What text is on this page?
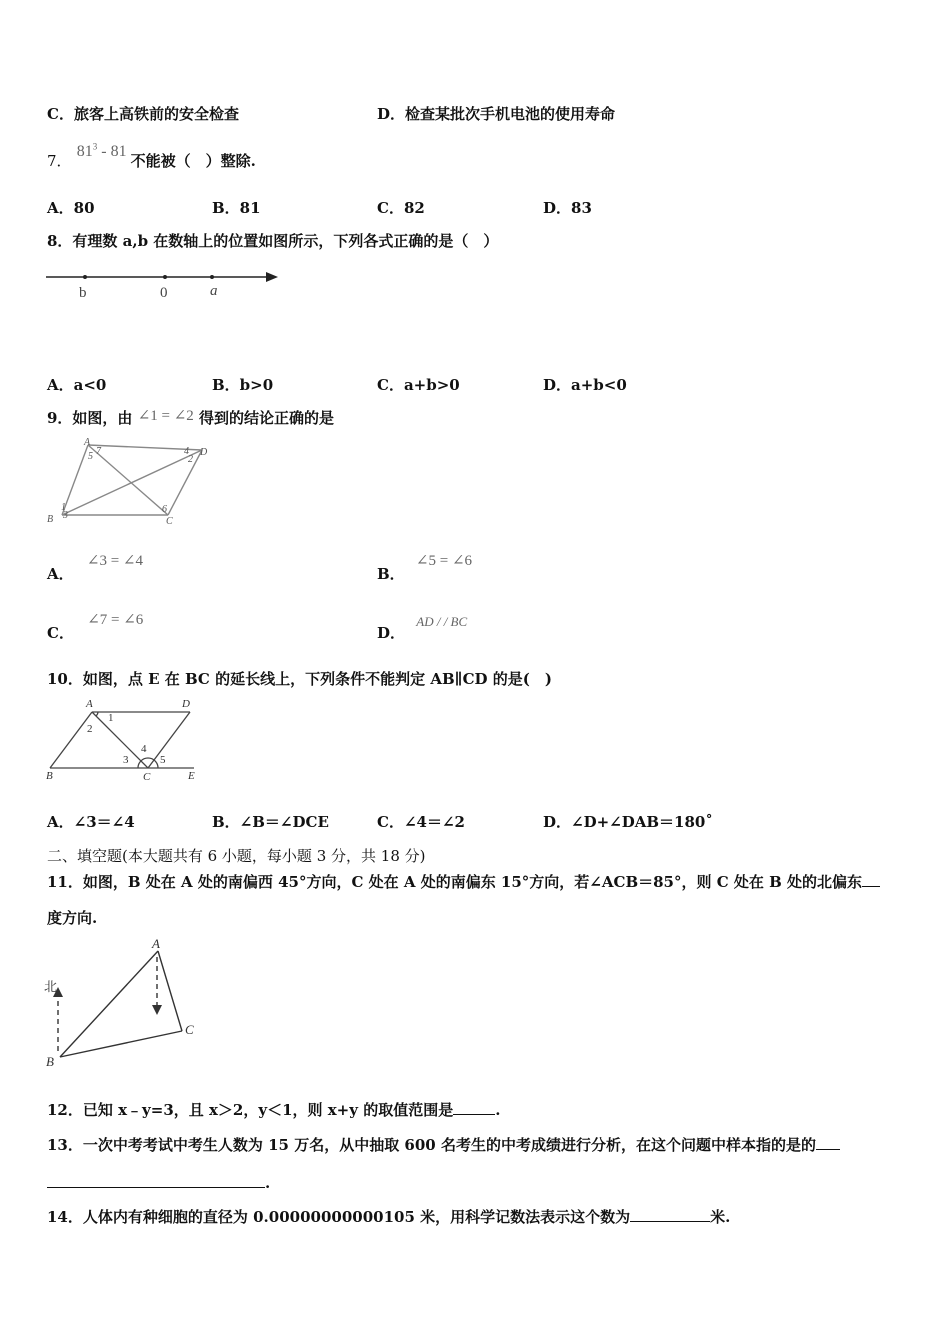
C．旅客上高铁前的安全检查	D．检查某批次手机电池的使用寿命
7． $81^3 - 81$ 不能被（　）整除.
A．80	B．81	C．82	D．83
8．有理数 a,b 在数轴上的位置如图所示，下列各式正确的是（　）
b	0	a
A．a<0	B．b>0	C．a+b>0	D．a+b<0
9．如图，由 ∠1 = ∠2 得到的结论正确的是
A
5 7	4
2
D
B
1
3
6
C
A． ∠3 = ∠4
B． ∠5 = ∠6
C． ∠7 = ∠6
D． AD / / BC
10．如图，点 E 在 BC 的延长线上，下列条件不能判定 AB∥CD 的是(　)
A
1
D
2
4
3	5
B	C	E
A．∠3＝∠4	B．∠B＝∠DCE	C．∠4＝∠2	D．∠D+∠DAB＝180˚
二、填空题(本大题共有 6 小题，每小题 3 分，共 18 分)
11．如图，B 处在 A 处的南偏西 45°方向，C 处在 A 处的南偏东 15°方向，若∠ACB＝85°，则 C 处在 B 处的北偏东
度方向.
A
北
C
B
12．已知 x﹣y=3，且 x＞2，y＜1，则 x+y 的取值范围是	.
13．一次中考考试中考生人数为 15 万名，从中抽取 600 名考生的中考成绩进行分析，在这个问题中样本指的是的
.
14．人体内有种细胞的直径为 0.00000000000105 米，用科学记数法表示这个数为	米.
